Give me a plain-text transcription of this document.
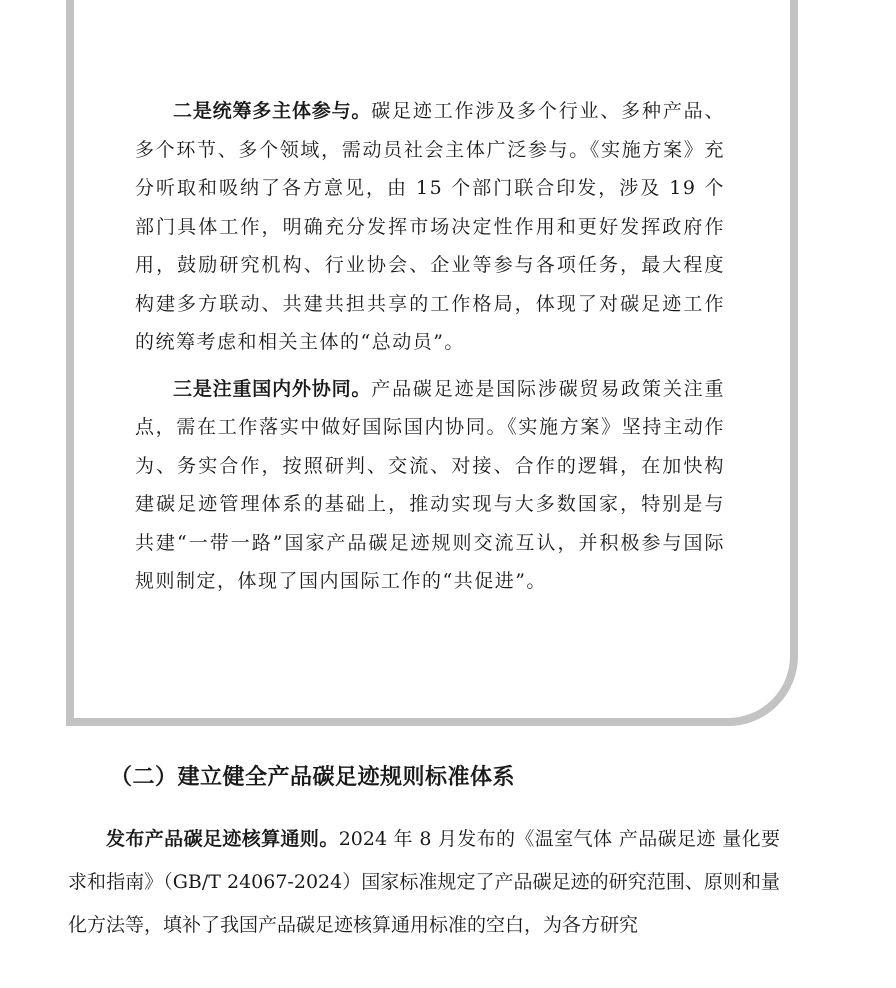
二是统筹多主体参与。碳足迹工作涉及多个行业、多种产品、多个环节、多个领域，需动员社会主体广泛参与。《实施方案》充分听取和吸纳了各方意见，由 15 个部门联合印发，涉及 19 个部门具体工作，明确充分发挥市场决定性作用和更好发挥政府作用，鼓励研究机构、行业协会、企业等参与各项任务，最大程度构建多方联动、共建共担共享的工作格局，体现了对碳足迹工作的统筹考虑和相关主体的“总动员”。

三是注重国内外协同。产品碳足迹是国际涉碳贸易政策关注重点，需在工作落实中做好国际国内协同。《实施方案》坚持主动作为、务实合作，按照研判、交流、对接、合作的逻辑，在加快构建碳足迹管理体系的基础上，推动实现与大多数国家，特别是与共建“一带一路”国家产品碳足迹规则交流互认，并积极参与国际规则制定，体现了国内国际工作的“共促进”。

（二）建立健全产品碳足迹规则标准体系

发布产品碳足迹核算通则。2024 年 8 月发布的《温室气体 产品碳足迹 量化要求和指南》（GB/T 24067-2024）国家标准规定了产品碳足迹的研究范围、原则和量化方法等，填补了我国产品碳足迹核算通用标准的空白，为各方研究
